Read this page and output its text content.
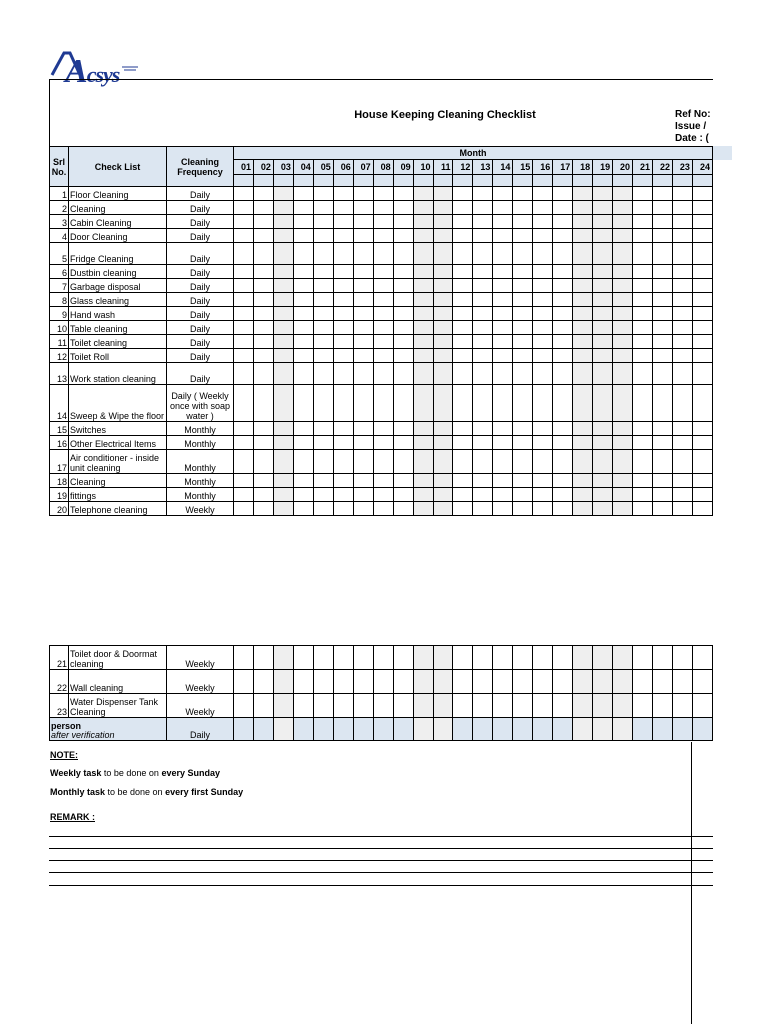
Acsys
House Keeping Cleaning Checklist	Ref No:
Issue /
Date : (
Srl No.	Check List	Cleaning Frequency	Month																							
			01	02	03	04	05	06	07	08	09	10	11	12	13	14	15	16	17	18	19	20	21	22	23	24

1	Floor Cleaning	Daily																								
2	Cleaning	Daily																								
3	Cabin Cleaning	Daily																								
4	Door Cleaning	Daily																								
5	Fridge Cleaning	Daily																								
6	Dustbin cleaning	Daily																								
7	Garbage disposal	Daily																								
8	Glass cleaning	Daily																								
9	Hand wash	Daily																								
10	Table cleaning	Daily																								
11	Toilet cleaning	Daily																								
12	Toilet Roll	Daily																								
13	Work station cleaning	Daily																								
14	Sweep & Wipe the floor	Daily ( Weekly once with soap water )																								
15	Switches	Monthly																								
16	Other Electrical Items	Monthly																								
17	Air conditioner - inside unit cleaning	Monthly																								
18	Cleaning	Monthly																								
19	fittings	Monthly																								
20	Telephone cleaning	Weekly																								
21	Toilet door & Doormat cleaning	Weekly																								
22	Wall cleaning	Weekly																								
23	Water Dispenser Tank Cleaning	Weekly																								

person
after verification		Daily																								
NOTE:
Weekly task to be done on every Sunday
Monthly task to be done on every first Sunday
REMARK :
